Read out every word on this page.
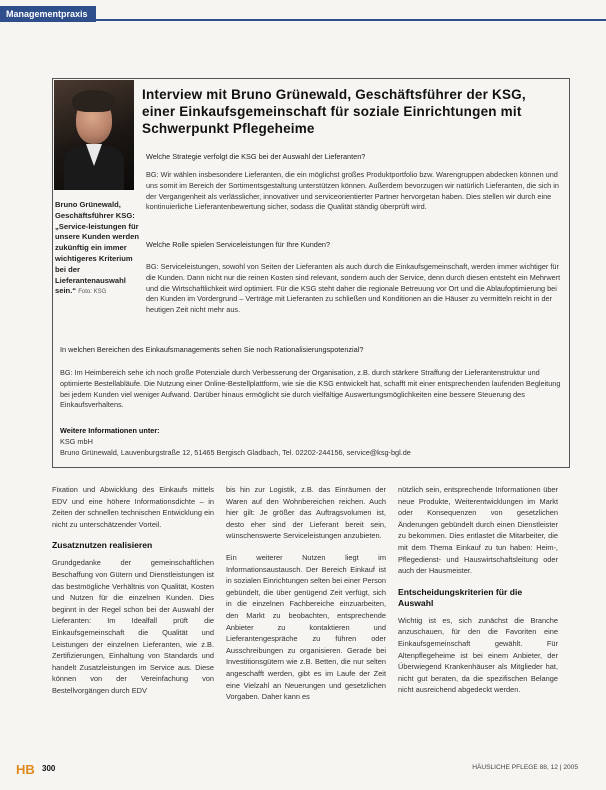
Managementpraxis
Interview mit Bruno Grünewald, Geschäftsführer der KSG, einer Einkaufsgemeinschaft für soziale Einrichtungen mit Schwerpunkt Pflegeheime
Bruno Grünewald, Geschäftsführer KSG: „Service-leistungen für unsere Kunden werden zukünftig ein immer wichtigeres Kriterium bei der Lieferantenauswahl sein.“ Foto: KSG
Welche Strategie verfolgt die KSG bei der Auswahl der Lieferanten?
BG: Wir wählen insbesondere Lieferanten, die ein möglichst großes Produktportfolio bzw. Warengruppen abdecken können und uns somit im Bereich der Sortimentsgestaltung unterstützen können. Außerdem bevorzugen wir natürlich Lieferanten, die sich in der Vergangenheit als verlässlicher, innovativer und serviceorientierter Partner hervorgetan haben. Dies stellen wir durch eine kontinuierliche Lieferantenbewertung sicher, sodass die Qualität ständig überprüft wird.
Welche Rolle spielen Serviceleistungen für Ihre Kunden?
BG: Serviceleistungen, sowohl von Seiten der Lieferanten als auch durch die Einkaufsgemeinschaft, werden immer wichtiger für die Kunden. Dann nicht nur die reinen Kosten sind relevant, sondern auch der Service, denn durch diesen entsteht ein Mehrwert und die Wirtschaftlichkeit wird optimiert. Für die KSG steht daher die regionale Betreuung vor Ort und die Ablaufoptimierung bei den Kunden im Vordergrund – Verträge mit Lieferanten zu schließen und Konditionen an die Häuser zu vermitteln reicht in der heutigen Zeit nicht mehr aus.
In welchen Bereichen des Einkaufsmanagements sehen Sie noch Rationalisierungspotenzial?
BG: Im Heimbereich sehe ich noch große Potenziale durch Verbesserung der Organisation, z.B. durch stärkere Straffung der Lieferantenstruktur und optimierte Bestellabläufe. Die Nutzung einer Online-Bestellplattform, wie sie die KSG entwickelt hat, schafft mit einer entsprechenden laufenden Begleitung bei jedem Kunden viel weniger Aufwand. Darüber hinaus ermöglicht sie durch vielfältige Auswertungsmöglichkeiten eine bessere Steuerung des Einkaufsverhaltens.
Weitere Informationen unter:
KSG mbH
Bruno Grünewald, Lauvenburgstraße 12, 51465 Bergisch Gladbach, Tel. 02202-244156, service@ksg-bgl.de

Fixation und Abwicklung des Einkaufs mittels EDV und eine höhere Informationsdichte – in Zeiten der schnellen technischen Entwicklung ein nicht zu unterschätzender Vorteil.

Zusatznutzen realisieren

Grundgedanke der gemeinschaftlichen Beschaffung von Gütern und Dienstleistungen ist das bestmögliche Verhältnis von Qualität, Kosten und Nutzen für die einzelnen Kunden. Dies beginnt in der Regel schon bei der Auswahl der Lieferanten: Im Idealfall prüft die Einkaufsgemeinschaft die Qualität und Leistungen der einzelnen Lieferanten, wie z.B. Zertifizierungen, Einhaltung von Standards und handelt Zusatzleistungen im Service aus. Diese können von der Vereinfachung von Bestellvorgängen durch EDV

bis hin zur Logistik, z.B. das Einräumen der Waren auf den Wohnbereichen reichen. Auch hier gilt: Je größer das Auftragsvolumen ist, desto eher sind der Lieferant bereit sein, wünschenswerte Serviceleistungen anzubieten.

Ein weiterer Nutzen liegt im Informationsaustausch. Der Bereich Einkauf ist in sozialen Einrichtungen selten bei einer Person gebündelt, die über genügend Zeit verfügt, sich in die einzelnen Fachbereiche einzuarbeiten, den Markt zu beobachten, entsprechende Anbieter zu kontaktieren und Lieferantengespräche zu führen oder Ausschreibungen zu organisieren. Gerade bei Investitionsgütern wie z.B. Betten, die nur selten angeschafft werden, gibt es im Laufe der Zeit eine Vielzahl an Neuerungen und gesetzlichen Vorgaben. Daher kann es

nützlich sein, entsprechende Informationen über neue Produkte, Weiterentwicklungen im Markt oder Konsequenzen von gesetzlichen Änderungen gebündelt durch einen Dienstleister zu bekommen. Dies entlastet die Mitarbeiter, die mit dem Thema Einkauf zu tun haben: Heim-, Pflegedienst- und Hauswirtschaftsleitung oder auch der Hausmeister.

Entscheidungskriterien für die Auswahl

Wichtig ist es, sich zunächst die Branche anzuschauen, für den die Favoriten eine Einkaufsgemeinschaft gewählt. Für Altenpflegeheime ist bei einem Anbieter, der Überwiegend Krankenhäuser als Mitglieder hat, nicht gut beraten, da die spezifischen Belange nicht ausreichend abgedeckt werden.

HB 300	HÄUSLICHE PFLEGE 88, 12 | 2005
